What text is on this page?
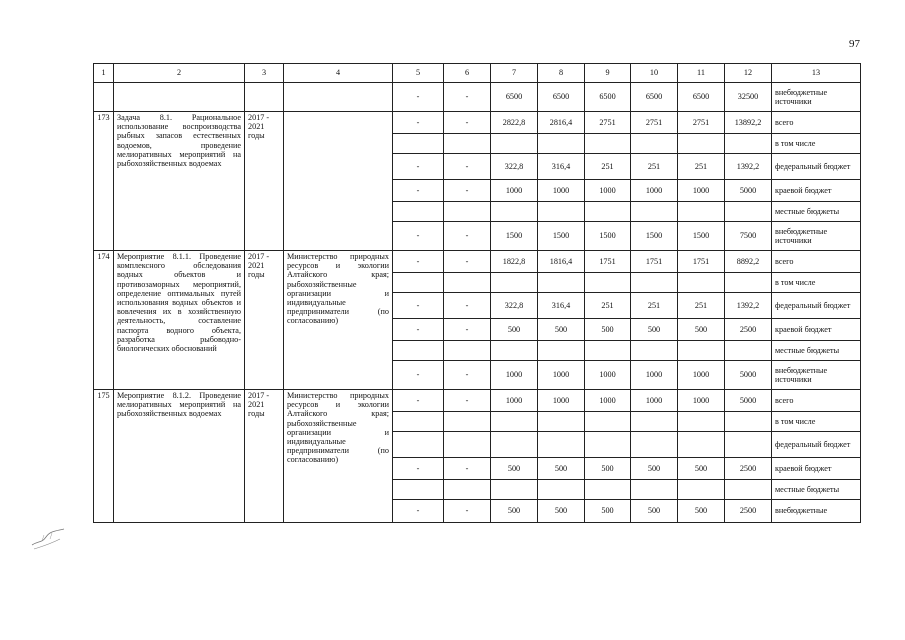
97
1	2	3	4	5	6	7	8	9	10	11	12	13
				-	-	6500	6500	6500	6500	6500	32500	внебюджетные источники
173	Задача 8.1. Рациональное использование воспроизводства рыбных запасов естественных водоемов, проведение мелиоративных мероприятий на рыбохозяйственных водоемах	2017 - 2021 годы		-	-	2822,8	2816,4	2751	2751	2751	13892,2	всего
												в том числе
				-	-	322,8	316,4	251	251	251	1392,2	федеральный бюджет
				-	-	1000	1000	1000	1000	1000	5000	краевой бюджет
												местные бюджеты
				-	-	1500	1500	1500	1500	1500	7500	внебюджетные источники
174	Мероприятие 8.1.1. Проведение комплексного обследования водных объектов и противозаморных мероприятий, определение оптимальных путей использования водных объектов и вовлечения их в хозяйственную деятельность, составление паспорта водного объекта, разработка рыбоводно-биологических обоснований	2017 - 2021 годы	Министерство природных ресурсов и экологии Алтайского края; рыбохозяйственные организации и индивидуальные предприниматели (по согласованию)	-	-	1822,8	1816,4	1751	1751	1751	8892,2	всего
												в том числе
				-	-	322,8	316,4	251	251	251	1392,2	федеральный бюджет
				-	-	500	500	500	500	500	2500	краевой бюджет
												местные бюджеты
				-	-	1000	1000	1000	1000	1000	5000	внебюджетные источники
175	Мероприятие 8.1.2. Проведение мелиоративных мероприятий на рыбохозяйственных водоемах	2017 - 2021 годы	Министерство природных ресурсов и экологии Алтайского края; рыбохозяйственные организации и индивидуальные предприниматели (по согласованию)	-	-	1000	1000	1000	1000	1000	5000	всего
												в том числе
												федеральный бюджет
				-	-	500	500	500	500	500	2500	краевой бюджет
												местные бюджеты
				-	-	500	500	500	500	500	2500	внебюджетные
